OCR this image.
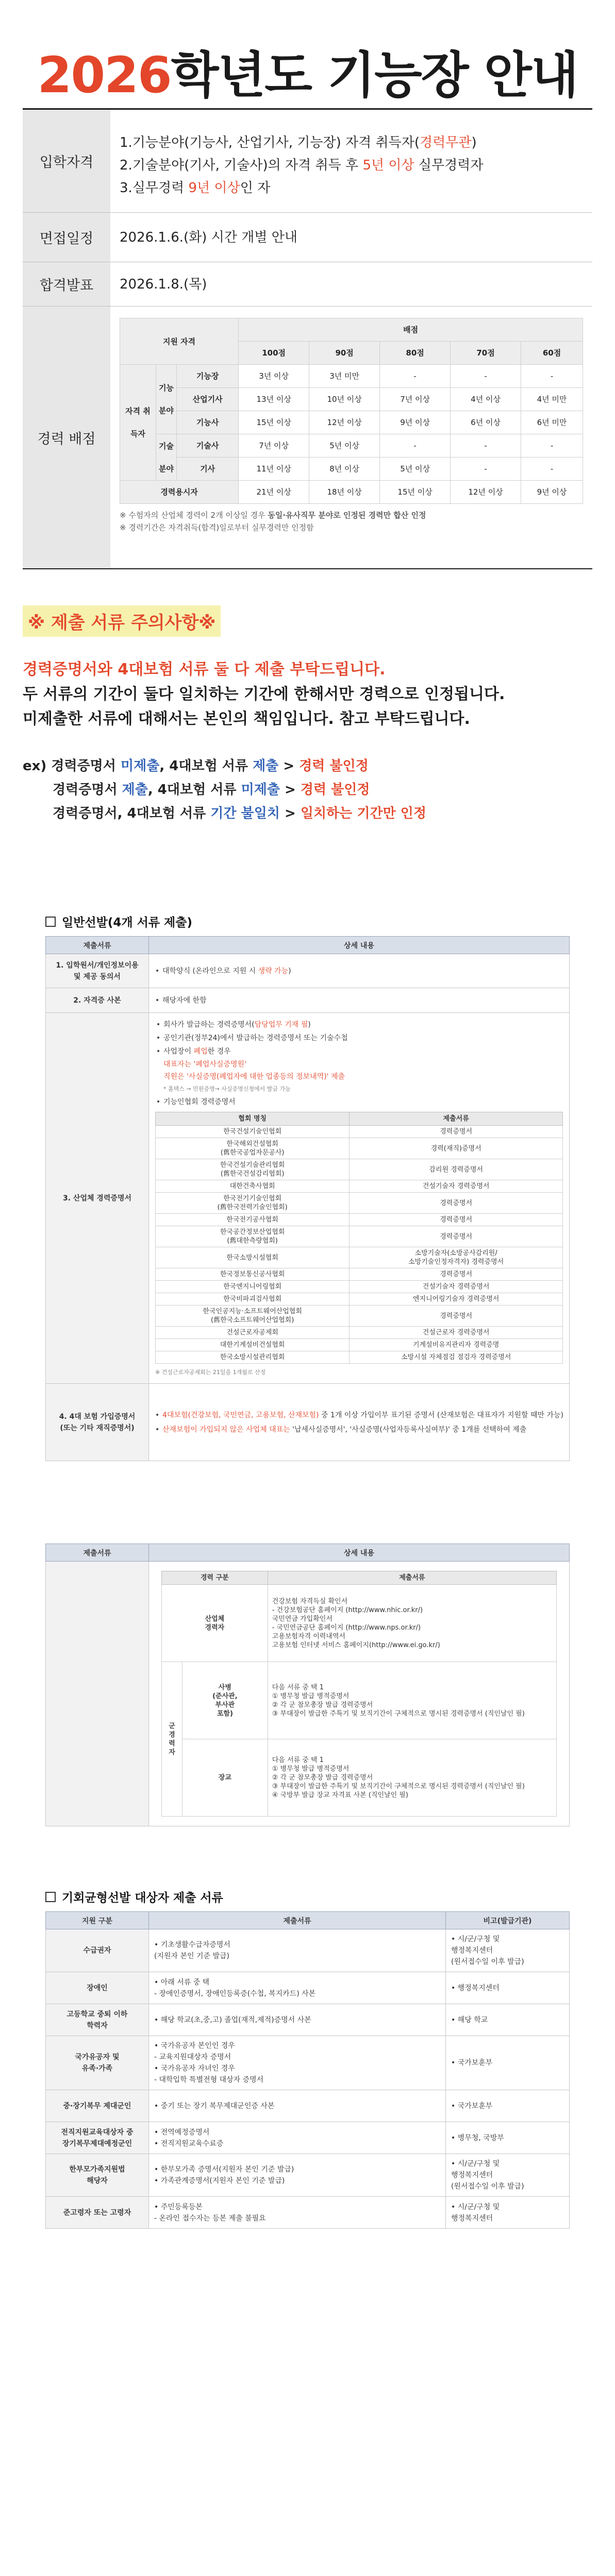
2026학년도 기능장 안내
입학자격
1.기능분야(기능사, 산업기사, 기능장) 자격 취득자(경력무관)
2.기술분야(기사, 기술사)의 자격 취득 후 5년 이상 실무경력자
3.실무경력 9년 이상인 자
면접일정	2026.1.6.(화) 시간 개별 안내
합격발표	2026.1.8.(목)
경력 배점
지원 자격			배점				
			100점	90점	80점	70점	60점
자격 취득자	기능 분야	기능장	3년 이상	3년 미만	-	-	-
		산업기사	13년 이상	10년 이상	7년 이상	4년 이상	4년 미만
		기능사	15년 이상	12년 이상	9년 이상	6년 이상	6년 미만
	기술 분야	기술사	7년 이상	5년 이상	-	-	-
		기사	11년 이상	8년 이상	5년 이상	-	-
경력용시자			21년 이상	18년 이상	15년 이상	12년 이상	9년 이상
※ 수험자의 산업체 경력이 2개 이상일 경우 동일·유사직무 분야로 인정된 경력만 합산 인정
※ 경력기간은 자격취득(합격)일로부터 실무경력만 인정함
※ 제출 서류 주의사항※
경력증명서와 4대보험 서류 둘 다 제출 부탁드립니다.
두 서류의 기간이 둘다 일치하는 기간에 한해서만 경력으로 인정됩니다.
미제출한 서류에 대해서는 본인의 책임입니다. 참고 부탁드립니다.
ex) 경력증명서 미제출, 4대보험 서류 제출 > 경력 불인정
경력증명서 제출, 4대보험 서류 미제출 > 경력 불인정
경력증명서, 4대보험 서류 기간 불일치 > 일치하는 기간만 인정
일반선발(4개 서류 제출)
제출서류	상세 내용
1. 입학원서/개인정보이용
및 제공 동의서	
• 대학양식 (온라인으로 지원 시 생략 가능)

2. 자격증 사본	
•해당자에 한함

3. 산업체 경력증명서	
• 회사가 발급하는 경력증명서(담당업무 기재 필)
• 공인기관(정부24)에서 발급하는 경력증명서 또는 기술수첩
• 사업장이 폐업한 경우
대표자는 '폐업사실증명원'
직원은 '사실증명(폐업자에 대한 업종등의 정보내역)' 제출
* 홈택스 → 민원증명→ 사실증명신청에서 발급 가능
• 기능인협회 경력증명서
협회 명칭	제출서류
한국건설기술인협회	경력증명서
한국해외건설협회
(舊한국공업자문공사)	경력(재직)증명서
한국건설기술관리협회
(舊한국건설감리협회)	감리원 경력증명서
대한건축사협회	건설기술자 경력증명서
한국전기기술인협회
(舊한국전력기술인협회)	경력증명서
한국전기공사협회	경력증명서
한국공간정보산업협회
(舊대한측량협회)	경력증명서
한국소방시설협회	소방기술자(소방공사감리원/
소방기술인정자격자) 경력증명서
한국정보통신공사협회	경력증명서
한국엔지니어링협회	건설기술자 경력증명서
한국비파괴검사협회	엔지니어링기술자 경력증명서
한국인공지능·소프트웨어산업협회
(舊한국소프트웨어산업협회)	경력증명서
건설근로자공제회	건설근로자 경력증명서
대한기계설비건설협회	기계설비유지관리자 경력증명
한국소방시설관리협회	소방시설 자체점검 점검자 경력증명서
※ 건설근로자공제회는 21일을 1개월로 산정

4. 4대 보험 가입증명서
(또는 기타 재직증명서)	
• 4대보험(건강보험, 국민연금, 고용보험, 산재보험) 중 1개 이상 가입이부 표기된 증명서 (산재보험은 대표자가 지원할 때만 가능)
• 산재보험이 가입되지 않은 사업체 대표는 '납세사실증명서', '사실증명(사업자등록사실여부)' 중 1개를 선택하여 제출
제출서류	상세 내용

경력 구분	제출서류
산업체
경력자	
건강보험 자격득실 확인서
- 건강보험공단 홈페이지 (http://www.nhic.or.kr/)
국민연금 가입확인서
- 국민연금공단 홈페이지 (http://www.nps.or.kr/)
고용보험자격 이력내역서
고용보험 인터넷 서비스 홈페이지(http://www.ei.go.kr/)

군경력자	사병
(준사관,
부사관
포함)	
다음 서류 중 택 1
① 병무청 발급 병적증명서
② 각 군 참모총장 발급 경력증명서
③ 부대장이 발급한 주특기 및 보직기간이 구체적으로 명시된 경력증명서 (직인날인 필)

장교	
다음 서류 중 택 1
① 병무청 발급 병적증명서
② 각 군 참모총장 발급 경력증명서
③ 부대장이 발급한 주특기 및 보직기간이 구체적으로 명시된 경력증명서 (직인날인 필)
④ 국방부 발급 장교 자격표 사본 (직인날인 필)
기회균형선발 대상자 제출 서류
지원 구분	제출서류	비고(발급기관)
수급권자	• 기초생활수급자증명서
(지원자 본인 기준 발급)	• 시/군/구청 및
행정복지센터
(원서접수일 이후 발급)
장애인	• 아래 서류 중 택
- 장애인증명서, 장애인등록증(수첩, 복지카드) 사본	• 행정복지센터
고등학교 중퇴 이하
학력자	• 해당 학교(초,중,고) 졸업(재적,제적)증명서 사본	• 해당 학교
국가유공자 및
유족·가족	• 국가유공자 본인인 경우
- 교육지원대상자 증명서
• 국가유공자 자녀인 경우
- 대학입학 특별전형 대상자 증명서	• 국가보훈부
중·장기복무 제대군인	• 중기 또는 장기 복무제대군인증 사본	• 국가보훈부
전직지원교육대상자 중
장기복무제대예정군인	• 전역예정증명서
• 전직지원교육수료증	• 병무청, 국방부
한부모가족지원법
해당자	• 한부모가족 증명서(지원자 본인 기준 발급)
• 가족관계증명서(지원자 본인 기준 발급)	• 시/군/구청 및
행정복지센터
(원서접수일 이후 발급)
준고령자 또는 고령자	• 주민등록등본
- 온라인 접수자는 등본 제출 불필요	• 시/군/구청 및
행정복지센터
